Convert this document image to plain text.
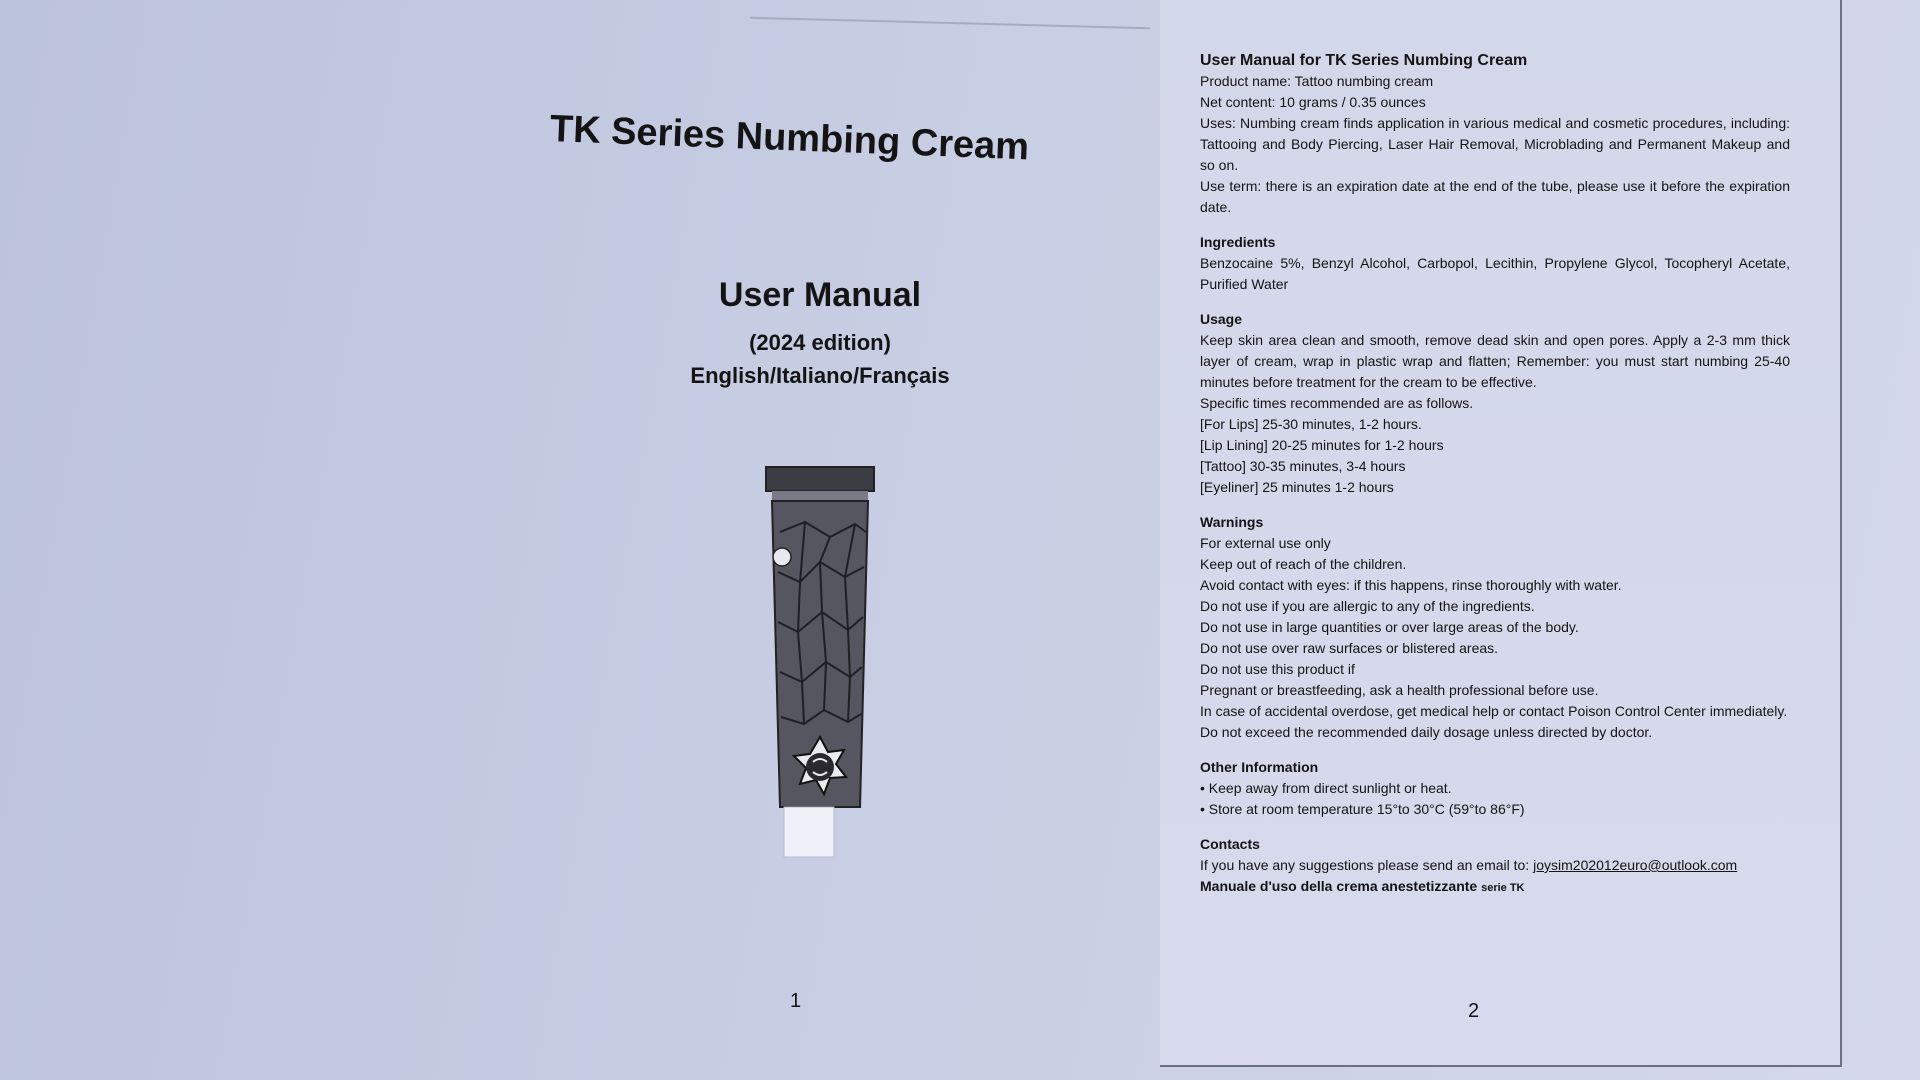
TK Series Numbing Cream
User Manual
(2024 edition)
English/Italiano/Français
1

User Manual for TK Series Numbing Cream

Product name: Tattoo numbing cream

Net content: 10 grams / 0.35 ounces

Uses: Numbing cream finds application in various medical and cosmetic procedures, including: Tattooing and Body Piercing, Laser Hair Removal, Microblading and Permanent Makeup and so on.

Use term: there is an expiration date at the end of the tube, please use it before the expiration date.

Ingredients

Benzocaine 5%, Benzyl Alcohol, Carbopol, Lecithin, Propylene Glycol, Tocopheryl Acetate, Purified Water

Usage

Keep skin area clean and smooth, remove dead skin and open pores. Apply a 2-3 mm thick layer of cream, wrap in plastic wrap and flatten; Remember: you must start numbing 25-40 minutes before treatment for the cream to be effective.

Specific times recommended are as follows.

[For Lips] 25-30 minutes, 1-2 hours.

[Lip Lining] 20-25 minutes for 1-2 hours

[Tattoo] 30-35 minutes, 3-4 hours

[Eyeliner] 25 minutes 1-2 hours

Warnings

For external use only

Keep out of reach of the children.

Avoid contact with eyes: if this happens, rinse thoroughly with water.

Do not use if you are allergic to any of the ingredients.

Do not use in large quantities or over large areas of the body.

Do not use over raw surfaces or blistered areas.

Do not use this product if

Pregnant or breastfeeding, ask a health professional before use.

In case of accidental overdose, get medical help or contact Poison Control Center immediately.

Do not exceed the recommended daily dosage unless directed by doctor.

Other Information

• Keep away from direct sunlight or heat.

• Store at room temperature 15°to 30°C (59°to 86°F)

Contacts

If you have any suggestions please send an email to: joysim202012euro@outlook.com

Manuale d'uso della crema anestetizzante serie TK

2
